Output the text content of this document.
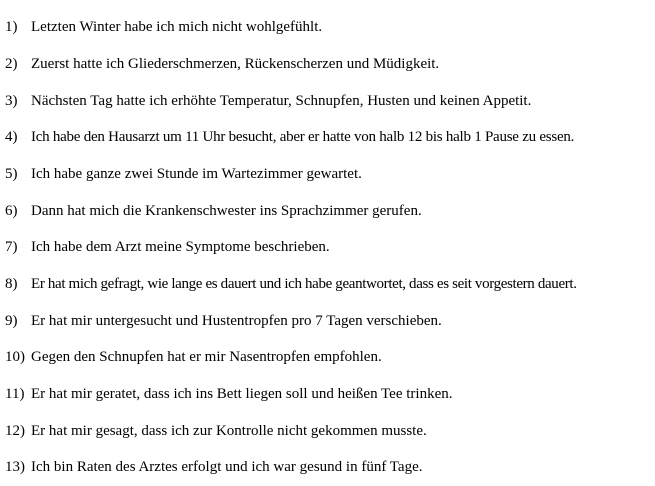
1) Letzten Winter habe ich mich nicht wohlgefühlt.
2) Zuerst hatte ich Gliederschmerzen, Rückenscherzen und Müdigkeit.
3) Nächsten Tag hatte ich erhöhte Temperatur, Schnupfen, Husten und keinen Appetit.
4) Ich habe den Hausarzt um 11 Uhr besucht, aber er hatte von halb 12 bis halb 1 Pause zu essen.
5) Ich habe ganze zwei Stunde im Wartezimmer gewartet.
6) Dann hat mich die Krankenschwester ins Sprachzimmer gerufen.
7) Ich habe dem Arzt meine Symptome beschrieben.
8) Er hat mich gefragt, wie lange es dauert und ich habe geantwortet, dass es seit vorgestern dauert.
9) Er hat mir untergesucht und Hustentropfen pro 7 Tagen verschieben.
10) Gegen den Schnupfen hat er mir Nasentropfen empfohlen.
11) Er hat mir geratet, dass ich ins Bett liegen soll und heißen Tee trinken.
12) Er hat mir gesagt, dass ich zur Kontrolle nicht gekommen musste.
13) Ich bin Raten des Arztes erfolgt und ich war gesund in fünf Tage.
